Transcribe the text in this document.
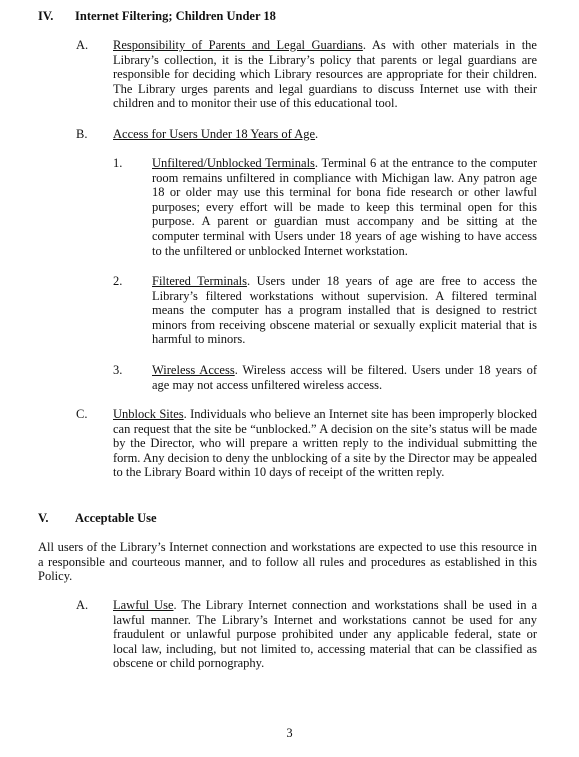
IV. Internet Filtering; Children Under 18
A. Responsibility of Parents and Legal Guardians. As with other materials in the Library’s collection, it is the Library’s policy that parents or legal guardians are responsible for deciding which Library resources are appropriate for their children. The Library urges parents and legal guardians to discuss Internet use with their children and to monitor their use of this educational tool.
B. Access for Users Under 18 Years of Age.
1. Unfiltered/Unblocked Terminals. Terminal 6 at the entrance to the computer room remains unfiltered in compliance with Michigan law. Any patron age 18 or older may use this terminal for bona fide research or other lawful purposes; every effort will be made to keep this terminal open for this purpose. A parent or guardian must accompany and be sitting at the computer terminal with Users under 18 years of age wishing to have access to the unfiltered or unblocked Internet workstation.
2. Filtered Terminals. Users under 18 years of age are free to access the Library’s filtered workstations without supervision. A filtered terminal means the computer has a program installed that is designed to restrict minors from receiving obscene material or sexually explicit material that is harmful to minors.
3. Wireless Access. Wireless access will be filtered. Users under 18 years of age may not access unfiltered wireless access.
C. Unblock Sites. Individuals who believe an Internet site has been improperly blocked can request that the site be “unblocked.” A decision on the site’s status will be made by the Director, who will prepare a written reply to the individual submitting the form. Any decision to deny the unblocking of a site by the Director may be appealed to the Library Board within 10 days of receipt of the written reply.
V. Acceptable Use
All users of the Library’s Internet connection and workstations are expected to use this resource in a responsible and courteous manner, and to follow all rules and procedures as established in this Policy.
A. Lawful Use. The Library Internet connection and workstations shall be used in a lawful manner. The Library’s Internet and workstations cannot be used for any fraudulent or unlawful purpose prohibited under any applicable federal, state or local law, including, but not limited to, accessing material that can be classified as obscene or child pornography.
3
